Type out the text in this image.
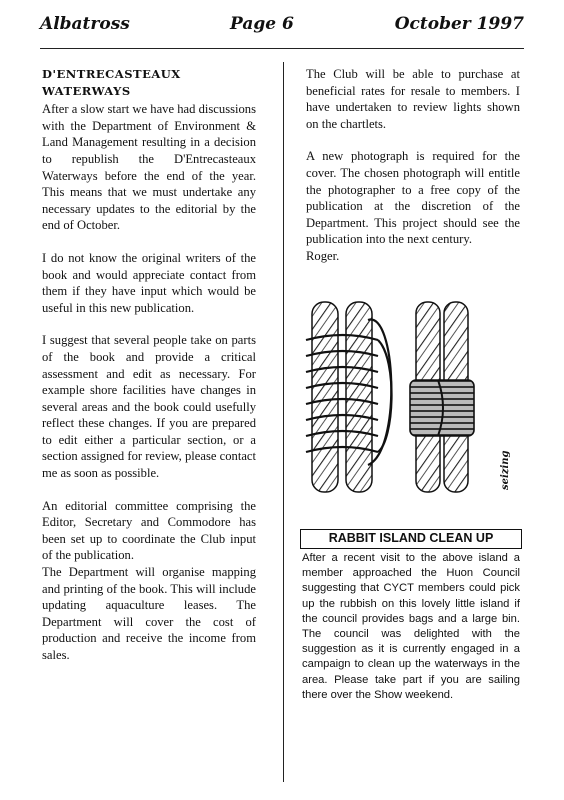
Albatross	Page 6	October 1997
D'ENTRECASTEAUX WATERWAYS

After a slow start we have had discussions with the Department of Environment & Land Management resulting in a decision to republish the D'Entrecasteaux Waterways before the end of the year. This means that we must undertake any necessary updates to the editorial by the end of October.

I do not know the original writers of the book and would appreciate contact from them if they have input which would be useful in this new publication.

I suggest that several people take on parts of the book and provide a critical assessment and edit as necessary. For example shore facilities have changes in several areas and the book could usefully reflect these changes. If you are prepared to edit either a particular section, or a section assigned for review, please contact me as soon as possible.

An editorial committee comprising the Editor, Secretary and Commodore has been set up to coordinate the Club input of the publication.

The Department will organise mapping and printing of the book. This will include updating aquaculture leases. The Department will cover the cost of production and receive the income from sales.

The Club will be able to purchase at beneficial rates for resale to members. I have undertaken to review lights shown on the chartlets.

A new photograph is required for the cover. The chosen photograph will entitle the photographer to a free copy of the publication at the discretion of the Department. This project should see the publication into the next century.

Roger.

seizing
RABBIT ISLAND CLEAN UP
After a recent visit to the above island a member approached the Huon Council suggesting that CYCT members could pick up the rubbish on this lovely little island if the council provides bags and a large bin. The council was delighted with the suggestion as it is currently engaged in a campaign to clean up the waterways in the area. Please take part if you are sailing there over the Show weekend.
